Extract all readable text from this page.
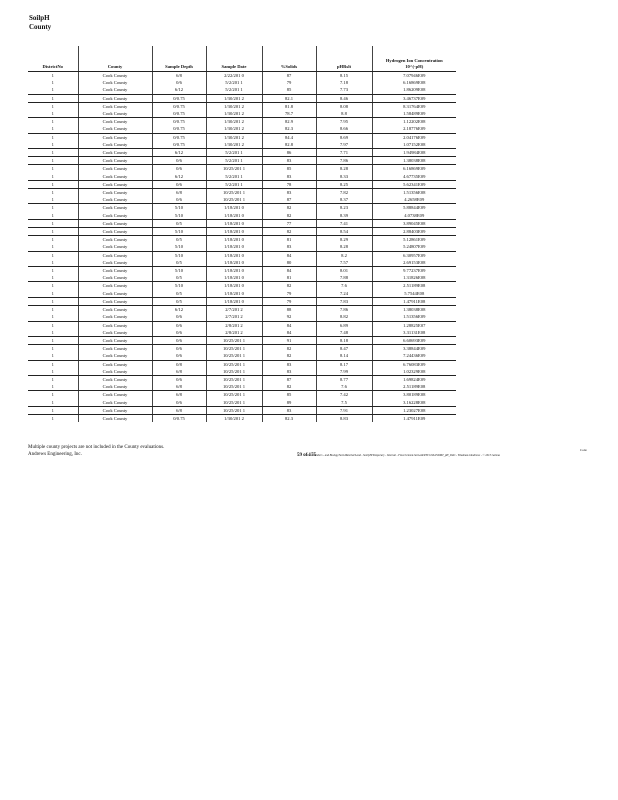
SoilpH
County
DistrictNo	County	Sample Depth	Sample Date	%Solids	pHRslt	Hydrogen Ion Concentration
10^(-pH)

1	Cook County	6/8	2/22/201 0	87	8.15	7.07946E09
1	Cook County	0/6	5/2/201 1	79	7.18	6.16869E08
1	Cook County	6/12	5/2/201 1	85	7.73	1.86209E08
1	Cook County	0/0.75	1/30/201 2	82.1	8.46	3.46737E09
1	Cook County	0/0.75	1/30/201 2	81.8	8.08	8.31764E09
1	Cook County	0/0.75	1/30/201 2	78.7	8.8	1.58489E09
1	Cook County	0/0.75	1/30/201 2	82.9	7.95	1.12202E08
1	Cook County	0/0.75	1/30/201 2	82.3	8.66	2.18776E09
1	Cook County	0/0.75	1/30/201 2	84.4	8.69	2.04176E09
1	Cook County	0/0.75	1/30/201 2	82.8	7.97	1.07152E08
1	Cook County	6/12	5/2/201 1	86	7.71	1.94984E08
1	Cook County	0/6	5/2/201 1	83	7.86	1.38038E08
1	Cook County	0/6	10/25/201 1	85	8.28	6.16869E09
1	Cook County	6/12	5/2/201 1	83	8.33	4.67735E09
1	Cook County	0/6	5/2/201 1	78	8.25	5.62341E09
1	Cook County	6/8	10/25/201 1	83	7.82	1.51356E08
1	Cook County	0/6	10/25/201 1	87	8.37	4.2658E09
1	Cook County	5/10	1/18/201 0	82	8.23	5.88844E09
1	Cook County	5/10	1/18/201 0	82	8.39	4.0738E09
1	Cook County	0/5	1/18/201 0	77	7.41	3.89045E08
1	Cook County	5/10	1/18/201 0	82	8.54	2.88403E09
1	Cook County	0/5	1/18/201 0	81	8.29	5.12861E09
1	Cook County	5/10	1/18/201 0	83	8.28	5.24807E09
1	Cook County	5/10	1/18/201 0	84	8.2	6.30957E09
1	Cook County	0/5	1/18/201 0	80	7.57	2.69153E08
1	Cook County	5/10	1/18/201 0	84	8.01	9.77237E09
1	Cook County	0/5	1/18/201 0	81	7.88	1.31826E08
1	Cook County	5/10	1/18/201 0	82	7.6	2.51189E08
1	Cook County	0/5	1/18/201 0	79	7.24	5.7544E08
1	Cook County	0/5	1/18/201 0	79	7.83	1.47911E08
1	Cook County	6/12	2/7/201 2	88	7.86	1.38038E08
1	Cook County	0/6	2/7/201 2	92	8.82	1.51356E09
1	Cook County	0/6	2/8/201 2	84	6.89	1.28825E07
1	Cook County	0/6	2/8/201 2	84	7.48	3.31131E08
1	Cook County	0/6	10/25/201 1	91	8.18	6.60693E09
1	Cook County	0/6	10/25/201 1	82	8.47	3.38844E09
1	Cook County	0/6	10/25/201 1	82	8.14	7.24436E09
1	Cook County	0/8	10/25/201 1	83	8.17	6.76083E09
1	Cook County	6/8	10/25/201 1	83	7.99	1.02329E08
1	Cook County	0/6	10/25/201 1	87	8.77	1.69824E09
1	Cook County	6/8	10/25/201 1	82	7.6	2.51189E08
1	Cook County	6/8	10/25/201 1	85	7.42	3.80189E08
1	Cook County	0/6	10/25/201 1	89	7.5	3.16228E08
1	Cook County	6/8	10/25/201 1	83	7.91	1.23027E08
1	Cook County	0/0.75	1/30/201 2	82.3	8.83	1.47911E09
Multiple county projects are not included in the County evaluations.
Andrews Engineering, Inc.	59 of 175
Dirt Numbers - and Biology/Soil-Material/Land - Soil/pH/Temporary - Internal - Flow/Cement-Soil-ald/PNCGS04/SDMT_pH_DnD - Whatman1/Andrews - © 2013 Galena
Code
